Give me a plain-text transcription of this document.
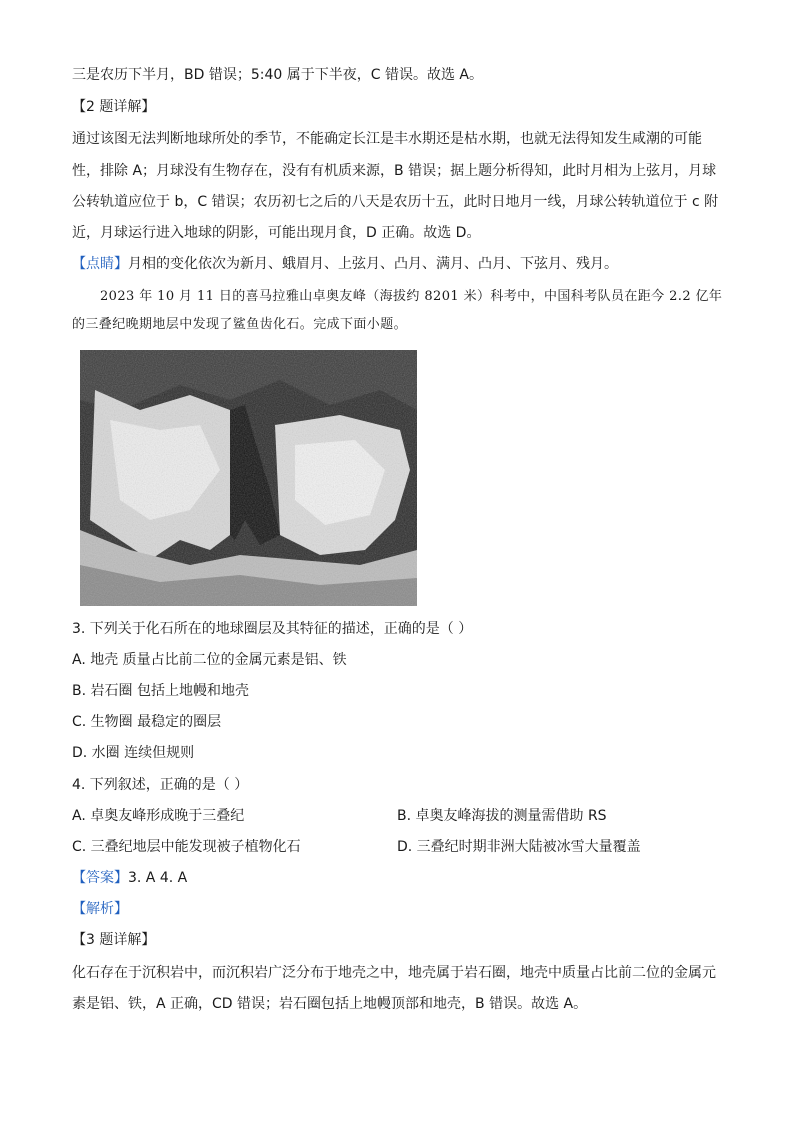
三是农历下半月，BD 错误；5:40 属于下半夜，C 错误。故选 A。
【2 题详解】
通过该图无法判断地球所处的季节，不能确定长江是丰水期还是枯水期，也就无法得知发生咸潮的可能
性，排除 A；月球没有生物存在，没有有机质来源，B 错误；据上题分析得知，此时月相为上弦月，月球
公转轨道应位于 b，C 错误；农历初七之后的八天是农历十五，此时日地月一线，月球公转轨道位于 c 附
近，月球运行进入地球的阴影，可能出现月食，D 正确。故选 D。
【点睛】月相的变化依次为新月、蛾眉月、上弦月、凸月、满月、凸月、下弦月、残月。
2023 年 10 月 11 日的喜马拉雅山卓奥友峰（海拔约 8201 米）科考中，中国科考队员在距今 2.2 亿年
的三叠纪晚期地层中发现了鲨鱼齿化石。完成下面小题。
3. 下列关于化石所在的地球圈层及其特征的描述，正确的是（ ）
A. 地壳 质量占比前二位的金属元素是铝、铁
B. 岩石圈 包括上地幔和地壳
C. 生物圈 最稳定的圈层
D. 水圈 连续但规则
4. 下列叙述，正确的是（ ）
A. 卓奥友峰形成晚于三叠纪	B. 卓奥友峰海拔的测量需借助 RS
C. 三叠纪地层中能发现被子植物化石	D. 三叠纪时期非洲大陆被冰雪大量覆盖
【答案】3. A 4. A
【解析】
【3 题详解】
化石存在于沉积岩中，而沉积岩广泛分布于地壳之中，地壳属于岩石圈，地壳中质量占比前二位的金属元
素是铝、铁，A 正确，CD 错误；岩石圈包括上地幔顶部和地壳，B 错误。故选 A。
